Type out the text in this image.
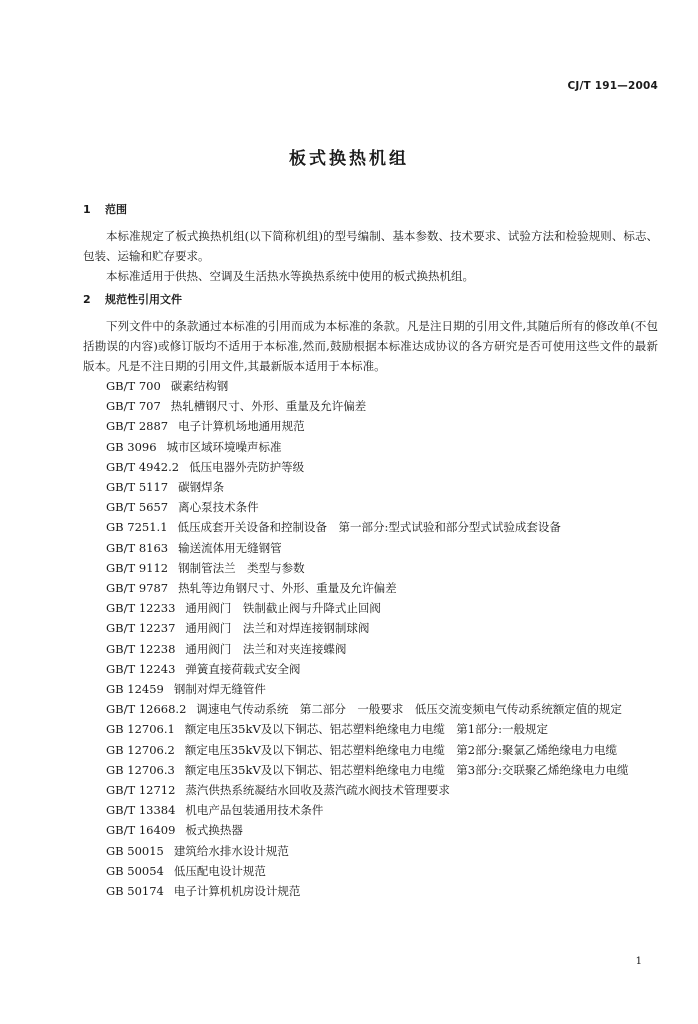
CJ/T 191—2004
板式换热机组
1 范围

本标准规定了板式换热机组(以下简称机组)的型号编制、基本参数、技术要求、试验方法和检验规则、标志、包装、运输和贮存要求。

本标准适用于供热、空调及生活热水等换热系统中使用的板式换热机组。

2 规范性引用文件

下列文件中的条款通过本标准的引用而成为本标准的条款。凡是注日期的引用文件,其随后所有的修改单(不包括勘误的内容)或修订版均不适用于本标准,然而,鼓励根据本标准达成协议的各方研究是否可使用这些文件的最新版本。凡是不注日期的引用文件,其最新版本适用于本标准。

GB/T 700 碳素结构钢
GB/T 707 热轧槽钢尺寸、外形、重量及允许偏差
GB/T 2887 电子计算机场地通用规范
GB 3096 城市区域环境噪声标准
GB/T 4942.2 低压电器外壳防护等级
GB/T 5117 碳钢焊条
GB/T 5657 离心泵技术条件
GB 7251.1 低压成套开关设备和控制设备　第一部分:型式试验和部分型式试验成套设备
GB/T 8163 输送流体用无缝钢管
GB/T 9112 钢制管法兰　类型与参数
GB/T 9787 热轧等边角钢尺寸、外形、重量及允许偏差
GB/T 12233 通用阀门　铁制截止阀与升降式止回阀
GB/T 12237 通用阀门　法兰和对焊连接钢制球阀
GB/T 12238 通用阀门　法兰和对夹连接蝶阀
GB/T 12243 弹簧直接荷载式安全阀
GB 12459 钢制对焊无缝管件
GB/T 12668.2 调速电气传动系统　第二部分　一般要求　低压交流变频电气传动系统额定值的规定
GB 12706.1 额定电压35kV及以下铜芯、铝芯塑料绝缘电力电缆　第1部分:一般规定
GB 12706.2 额定电压35kV及以下铜芯、铝芯塑料绝缘电力电缆　第2部分:聚氯乙烯绝缘电力电缆
GB 12706.3 额定电压35kV及以下铜芯、铝芯塑料绝缘电力电缆　第3部分:交联聚乙烯绝缘电力电缆
GB/T 12712 蒸汽供热系统凝结水回收及蒸汽疏水阀技术管理要求
GB/T 13384 机电产品包装通用技术条件
GB/T 16409 板式换热器
GB 50015 建筑给水排水设计规范
GB 50054 低压配电设计规范
GB 50174 电子计算机机房设计规范
1
